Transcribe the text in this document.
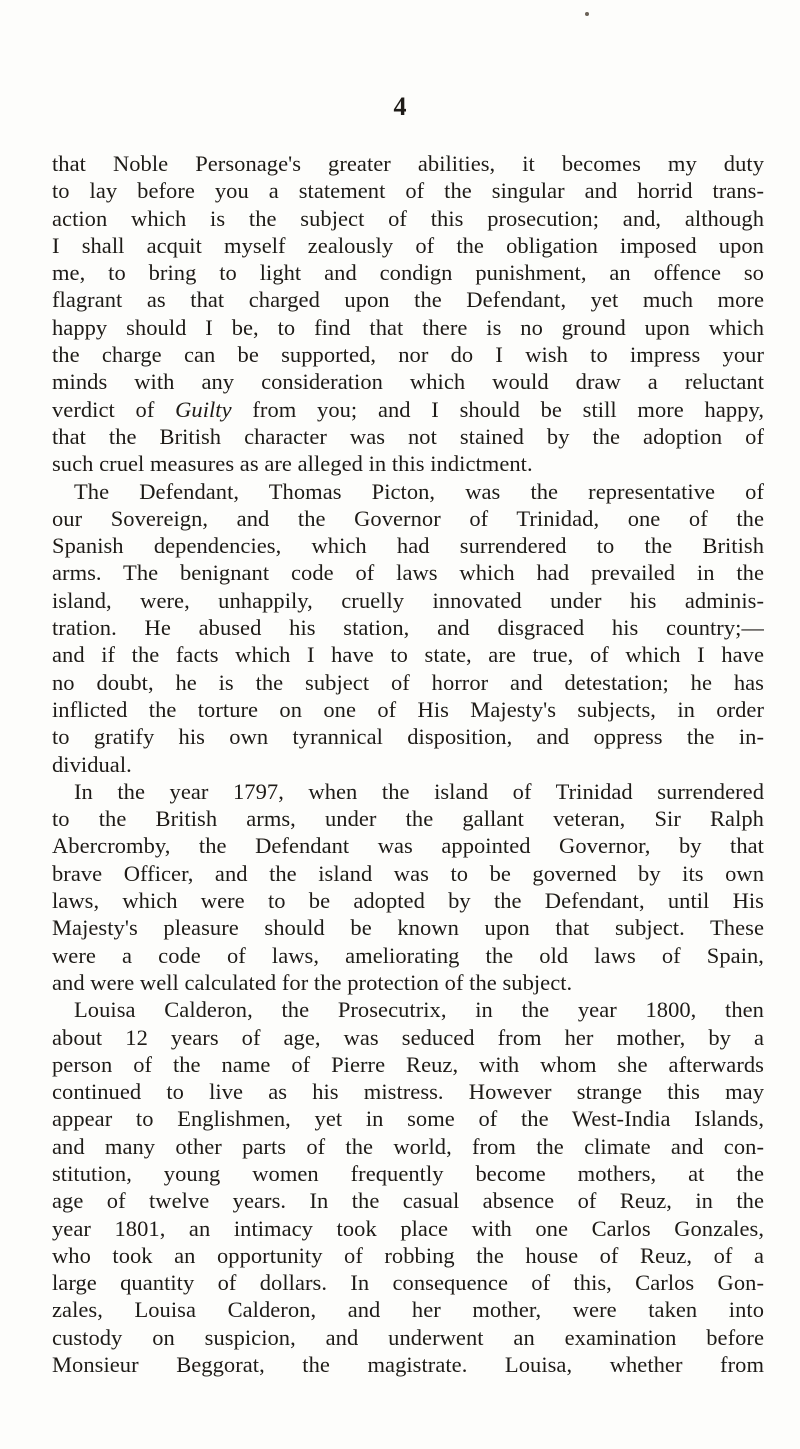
4
that Noble Personage's greater abilities, it becomes my duty
to lay before you a statement of the singular and horrid trans-
action which is the subject of this prosecution; and, although
I shall acquit myself zealously of the obligation imposed upon
me, to bring to light and condign punishment, an offence so
flagrant as that charged upon the Defendant, yet much more
happy should I be, to find that there is no ground upon which
the charge can be supported, nor do I wish to impress your
minds with any consideration which would draw a reluctant
verdict of Guilty from you; and I should be still more happy,
that the British character was not stained by the adoption of
such cruel measures as are alleged in this indictment.
The Defendant, Thomas Picton, was the representative of
our Sovereign, and the Governor of Trinidad, one of the
Spanish dependencies, which had surrendered to the British
arms. The benignant code of laws which had prevailed in the
island, were, unhappily, cruelly innovated under his adminis-
tration. He abused his station, and disgraced his country;—
and if the facts which I have to state, are true, of which I have
no doubt, he is the subject of horror and detestation; he has
inflicted the torture on one of His Majesty's subjects, in order
to gratify his own tyrannical disposition, and oppress the in-
dividual.
In the year 1797, when the island of Trinidad surrendered
to the British arms, under the gallant veteran, Sir Ralph
Abercromby, the Defendant was appointed Governor, by that
brave Officer, and the island was to be governed by its own
laws, which were to be adopted by the Defendant, until His
Majesty's pleasure should be known upon that subject. These
were a code of laws, ameliorating the old laws of Spain,
and were well calculated for the protection of the subject.
Louisa Calderon, the Prosecutrix, in the year 1800, then
about 12 years of age, was seduced from her mother, by a
person of the name of Pierre Reuz, with whom she afterwards
continued to live as his mistress. However strange this may
appear to Englishmen, yet in some of the West-India Islands,
and many other parts of the world, from the climate and con-
stitution, young women frequently become mothers, at the
age of twelve years. In the casual absence of Reuz, in the
year 1801, an intimacy took place with one Carlos Gonzales,
who took an opportunity of robbing the house of Reuz, of a
large quantity of dollars. In consequence of this, Carlos Gon-
zales, Louisa Calderon, and her mother, were taken into
custody on suspicion, and underwent an examination before
Monsieur Beggorat, the magistrate. Louisa, whether from
